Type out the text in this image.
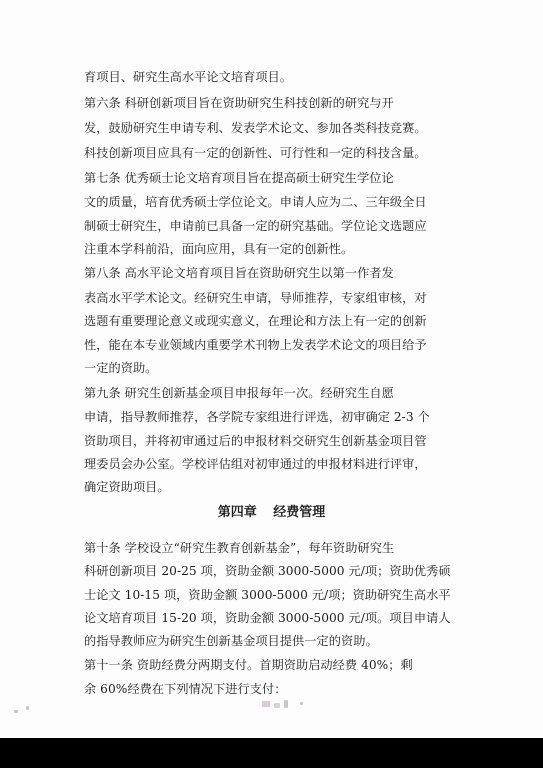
育项目、研究生高水平论文培育项目。
第六条 科研创新项目旨在资助研究生科技创新的研究与开
发，鼓励研究生申请专利、发表学术论文、参加各类科技竞赛。
科技创新项目应具有一定的创新性、可行性和一定的科技含量。
第七条 优秀硕士论文培育项目旨在提高硕士研究生学位论
文的质量，培育优秀硕士学位论文。申请人应为二、三年级全日
制硕士研究生，申请前已具备一定的研究基础。学位论文选题应
注重本学科前沿，面向应用，具有一定的创新性。
第八条 高水平论文培育项目旨在资助研究生以第一作者发
表高水平学术论文。经研究生申请，导师推荐，专家组审核，对
选题有重要理论意义或现实意义，在理论和方法上有一定的创新
性，能在本专业领域内重要学术刊物上发表学术论文的项目给予
一定的资助。
第九条 研究生创新基金项目申报每年一次。经研究生自愿
申请，指导教师推荐，各学院专家组进行评选，初审确定 2-3 个
资助项目，并将初审通过后的申报材料交研究生创新基金项目管
理委员会办公室。学校评估组对初审通过的申报材料进行评审，
确定资助项目。
第四章 经费管理
第十条 学校设立“研究生教育创新基金”，每年资助研究生
科研创新项目 20-25 项，资助金额 3000-5000 元/项；资助优秀硕
士论文 10-15 项，资助金额 3000-5000 元/项；资助研究生高水平
论文培育项目 15-20 项，资助金额 3000-5000 元/项。项目申请人
的指导教师应为研究生创新基金项目提供一定的资助。
第十一条 资助经费分两期支付。首期资助启动经费 40%；剩
余 60%经费在下列情况下进行支付：
